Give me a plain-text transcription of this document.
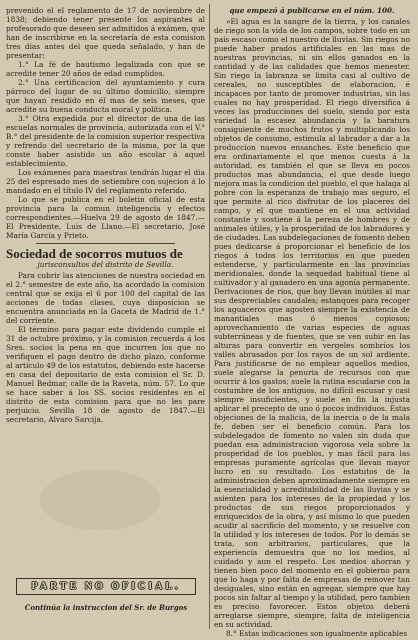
prevenido el el reglamento de 17 de noviembre de 1838; debiendo tener presente los aspirantes al profesorado que deseen ser admitidos á exámen, que han de inscribirse en la secretaría de esta comision tres dias antes del que queda señalado, y han de presentar:

1.° La fé de bautismo legalizada con que se acredite tener 20 años de edad cumplidos.

2.° Una certificacion del ayuntamiento y cura párroco del lugar de su último domicilio, siempre que hayan residido en él mas de seis meses, que acredite su buena conducta moral y política.

3.° Otra expedida por el director de una de las escuelas normales de provincia, autorizada con el V.° B.° del presidente de la comision superior respectiva y refrendo del secretario de la misma, por la que conste haber asistido un año escolar á aquel establecimiento.

Los exámenes para maestras tendrán lugar el dia 25 del espresado mes de setiembre con sujecion á lo mandado en el título IV del reglamento referido.

Lo que se publica en el boletin oficial de esta provincia para la comun inteligencia y efectos correspondientes.—Huelva 29 de agosto de 1847.—El Presidente, Luis de Llano.—El secretario, José María García y Prieto.

Sociedad de socorros mutuos de

jurisconsultos del distrito de Sevilla.

Para cubrir las atenciones de nuestra sociedad en el 2.° semestre de este año, ha acordado la comision central que se exija el 6 por 100 del capital de las acciones de todas clases, cuya disposicion se encuentra anunciada en la Gaceta de Madrid de 1.° del corriente.

El término para pagar este dividendo cumple el 31 de octubre próximo, y la comision recuerda á los Sres. socios la pena en que incurren los que no verifiquen el pago dentro de dicho plazo, conforme al artículo 49 de los estatutos, debiendo este hacerse en casa del depositario de esta comision el Sr. D. Manuel Bedmar, calle de la Raveta, núm. 57. Lo que se hace saber á los SS. socios residentes en el distrito de esta comision para que no les pare perjuicio. Sevilla 18 de agosto de 1847.—El secretario, Alvaro Sarcija.

PARTE NO OFICIAL.
Continúa la instruccion del Sr. de Burgos

que empezó á publicarse en el núm. 100.

»El agua es la sangre de la tierra, y los canales de riego son la vida de los campos, sobre todo en un país escaso como el nuestro de lluvias. Sin riegos no puede haber prados artificiales en las mas de nuestras provincias, ni sin ellos ganados en la cantidad y de las calidades que hemos menester. Sin riego la labranza se limita casi al cultivo de cereales, no susceptibles de elaboracion, é incapaces por tanto de promover industrias, sin las cuales no hay prosperidad. El riego diversifica á veces las producciones del suelo, siendo por esta variedad la escasez abundancia y la baratura consiguiente de muchos frutos y multiplicando los objetos de consumo, estimula al labrador a dar a la produccion nuevos ensanches. Este beneficio que era ordinariamente el que menos cuesta á la autoridad, es también el que se lleva en pocos productos mas abundancia, el que desde luego mejora mas la condicion del pueblo, el que halaga al pobre con la esperanza de trabajo mas seguro, el que permite al rico disfrutar de los placeres del campo, y el que mantiene en el una actividad constante y sostiene á la pereza de hombres y de animales útiles, y la prosperidad de los labradores y de ciudades. Las subdelegaciones de fomento deben pues dedicarse á proporcionar el beneficio de los riegos á todos los territorios en que pueden estenderse, y particularmente en las provincias meridionales, donde la sequedad habitual tiene al cultivador y al ganadero en una agonía permanente. Derivaciones de rios, que hoy llevan inútiles al mar sus despreciables caudales; estanques para recoger los aguaceros que agosten siempre la existencia de manantiales mas ó menos copiosos; aprovechamiento de varias especies de aguas subterráneas y de fuentes, que se ven subir en las alturas para convertir en vergeles sombríos los valles abrasados por los rayos de un sol ardiente. Para justificarse de no emplear aquellos medios, suele alegarse la penuria de recursos con que ocurrir á los gastos; suele la rutina escudarse con la costumbre de los antiguos, no difícil escusar y casi siempre insuficientes, y suele en fin la injusta aplicar el precepto de uno ó pocos individuos. Estas objeciones de la malicia, de la inercia o de la mala fe, deben ser el beneficio común. Para los subdelegados de fomento no valen sin duda que puedan esa administracion vigorosa vela sobre la prosperidad de los pueblos, y mas fácil para las empresas puramente agrícolas que llevan mayor lucro en su resultado. Los estatutos de la administracion deben aproximadamente siempre en la esencialidad y acreditabilidad de las lluvias y se asienten para los intereses de la propiedad y los productos de sus riegos proporcionados y enriquecidos de la obra, y así mismo lo que pueden acudir al sacrificio del momento, y se resuelve con la utilidad y los intereses de todos. Por lo demás se trata, son arbitrarios, particulares, que la experiencia demuestra que no los medios, al cuidado y aun el respeto. Los medios ahorran y tienen bien poco del momento en el gobierno para que lo haga y por falta de empresas de remover tan desiguales, sino están en agregar, siempre que hay pocos sin faltar al tiempo y la utilidad, pero tambien es preciso favorecer. Estos objetos deberá arreglarse siempre, siempre, falta de inteligencia en su actividad.

8.° Estas indicaciones son igualmente aplicables
